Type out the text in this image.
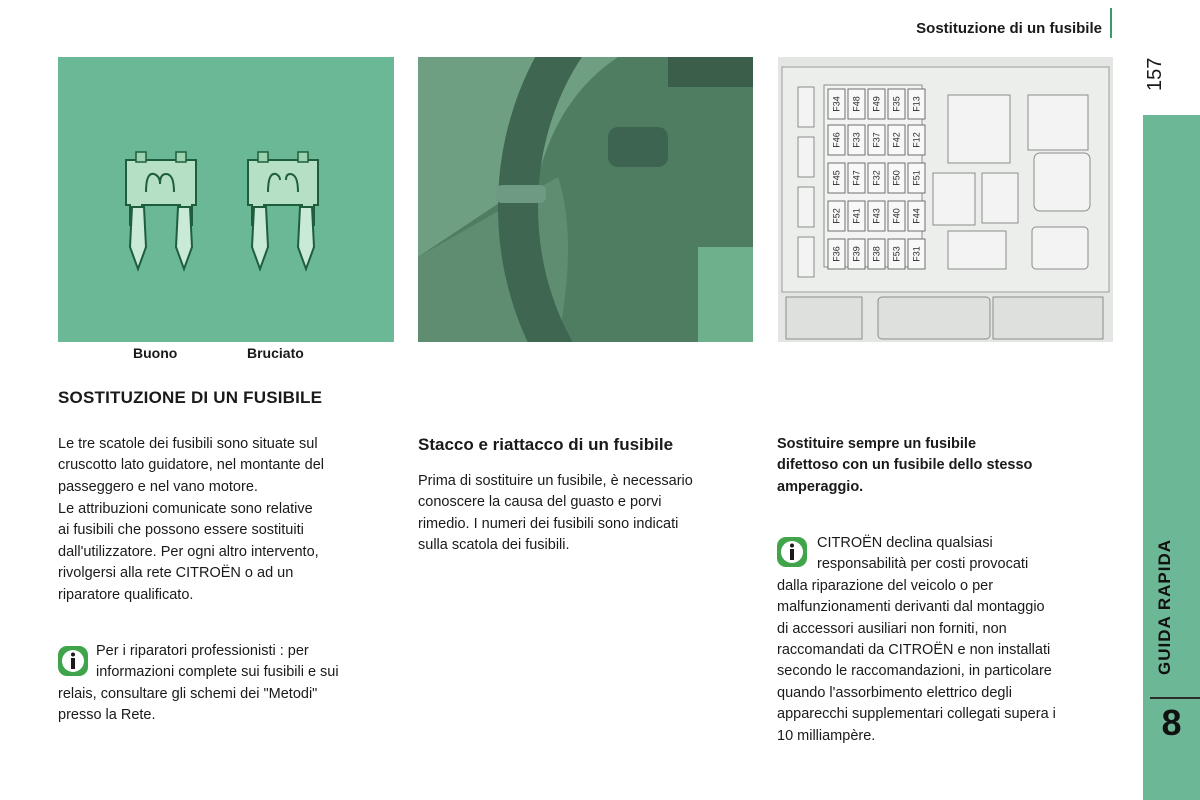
Sostituzione di un fusibile
157
GUIDA RAPIDA
8
Buono	Bruciato
F34 F48 F49 F35 F13
F46 F33 F37 F42 F12
F45 F47 F32 F50 F51
F52 F41 F43 F40 F44
F36 F39 F38 F53 F31
SOSTITUZIONE DI UN FUSIBILE
Le tre scatole dei fusibili sono situate sul
cruscotto lato guidatore, nel montante del
passeggero e nel vano motore.
Le attribuzioni comunicate sono relative
ai fusibili che possono essere sostituiti
dall'utilizzatore. Per ogni altro intervento,
rivolgersi alla rete CITROËN o ad un
riparatore qualificato.
Per i riparatori professionisti : per
informazioni complete sui fusibili e sui
relais, consultare gli schemi dei "Metodi"
presso la Rete.
Stacco e riattacco di un fusibile
Prima di sostituire un fusibile, è necessario
conoscere la causa del guasto e porvi
rimedio. I numeri dei fusibili sono indicati
sulla scatola dei fusibili.
Sostituire sempre un fusibile
difettoso con un fusibile dello stesso
amperaggio.
CITROËN declina qualsiasi
responsabilità per costi provocati
dalla riparazione del veicolo o per
malfunzionamenti derivanti dal montaggio
di accessori ausiliari non forniti, non
raccomandati da CITROËN e non installati
secondo le raccomandazioni, in particolare
quando l'assorbimento elettrico degli
apparecchi supplementari collegati supera i
10 milliampère.
